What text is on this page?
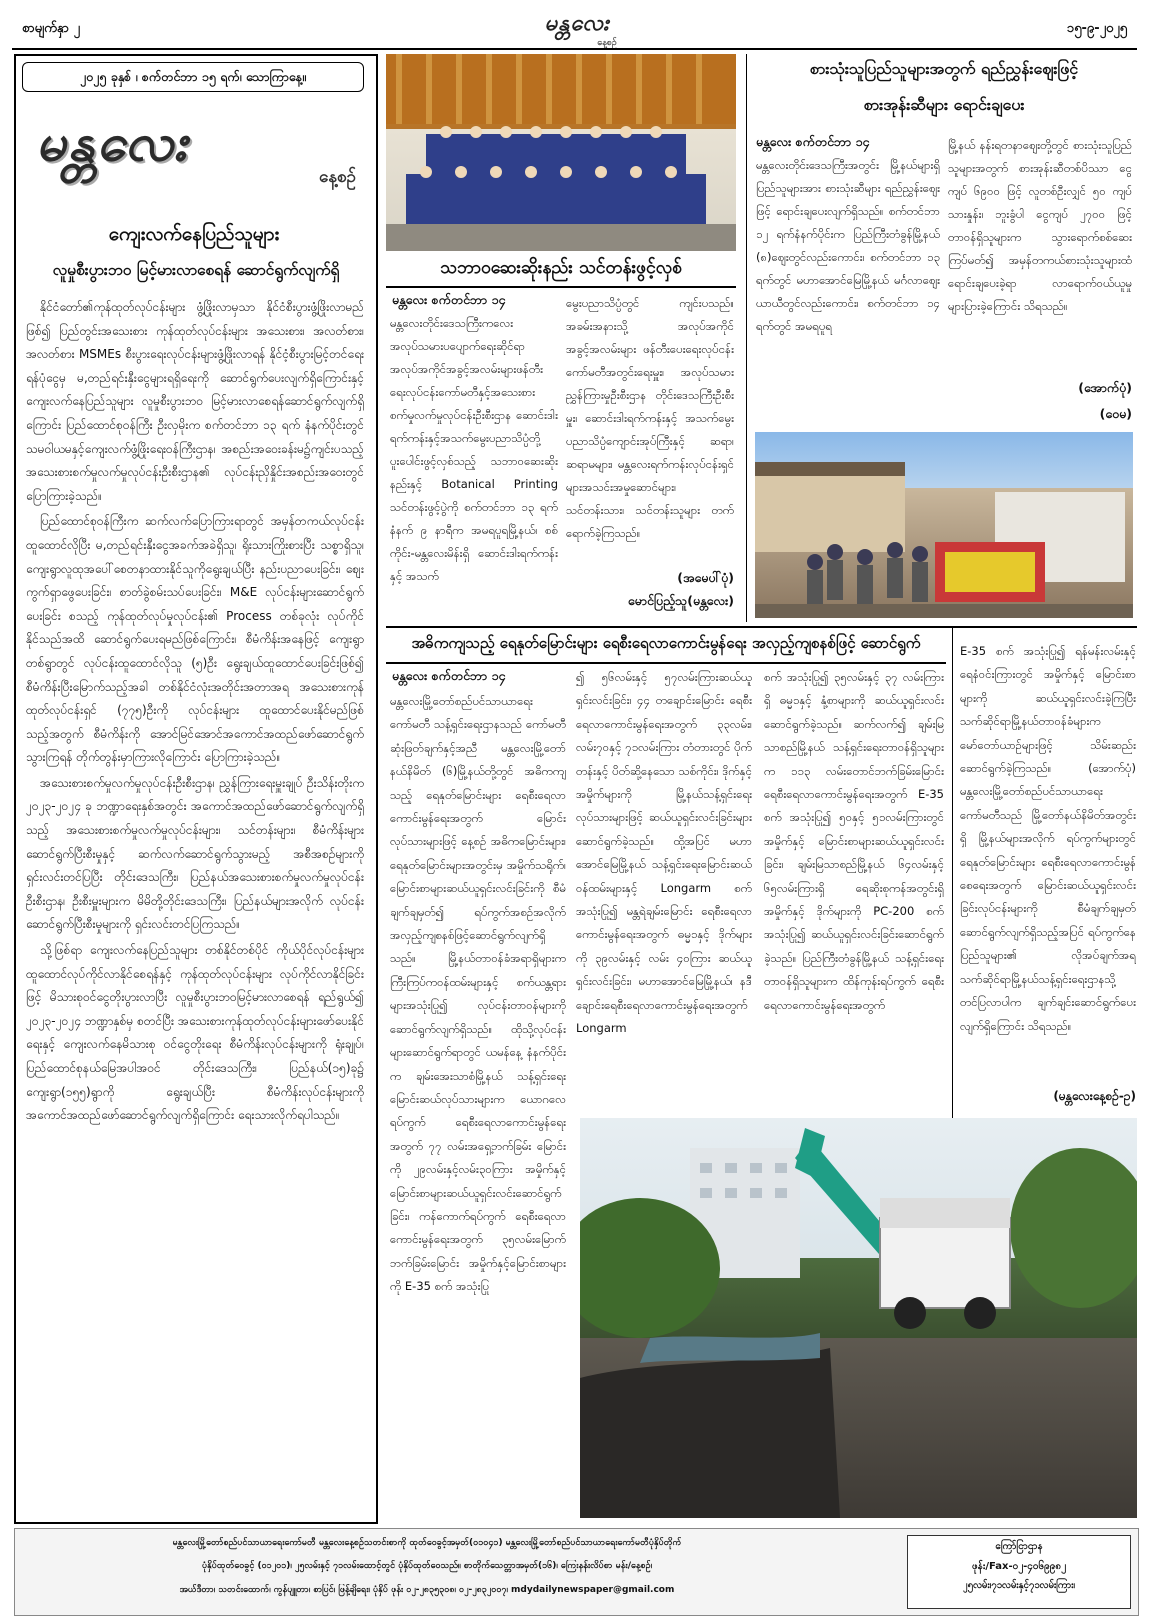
စာမျက်နှာ ၂	မန္တလေး
နေ့စဉ်
၁၅-၉-၂၀၂၅
၂၀၂၅ ခုနှစ် ၊ စက်တင်ဘာ ၁၅ ရက်၊ သောကြာနေ့။
မန္တလေး
နေ့စဉ်
ကျေးလက်နေပြည်သူများ
လူမှုစီးပွားဘ၀ မြင့်မားလာစေရန် ဆောင်ရွက်လျက်ရှိ

နိုင်ငံတော်၏ကုန်ထုတ်လုပ်ငန်းများ ဖွံ့ဖြိုးလာမှသာ နိုင်ငံစီးပွားဖွံ့ဖြိုးလာမည်ဖြစ်၍ ပြည်တွင်းအသေးစား ကုန်ထုတ်လုပ်ငန်းများ အသေးစား၊ အလတ်စား၊ အလတ်စား MSMEs စီးပွားရေးလုပ်ငန်းများဖွံ့ဖြိုးလာရန် နိုင်ငံ့စီးပွားမြင့်တင်ရေးရန်ပုံငွေမှ မ,တည်ရင်းနှီးငွေများရရှိရေးကို ဆောင်ရွက်ပေးလျက်ရှိကြောင်းနှင့်ကျေးလက်နေပြည်သူများ လူမှုစီးပွားဘ၀ မြင့်မားလာစေရန်ဆောင်ရွက်လျက်ရှိကြောင်း ပြည်ထောင်စုဝန်ကြီး ဦးလှမိုးက စက်တင်ဘာ ၁၃ ရက် နံနက်ပိုင်းတွင် သမဝါယမနှင့်ကျေးလက်ဖွံ့ဖြိုးရေးဝန်ကြီးဌာန၊ အစည်းအဝေးခန်းမ၌ကျင်းပသည့် အသေးစားစက်မှုလက်မှုလုပ်ငန်းဦးစီးဌာန၏ လုပ်ငန်းညှိနှိုင်းအစည်းအဝေးတွင် ပြောကြားခဲ့သည်။

ပြည်ထောင်စုဝန်ကြီးက ဆက်လက်ပြောကြားရာတွင် အမှန်တကယ်လုပ်ငန်းထူထောင်လိုပြီး မ,တည်ရင်းနှီးငွေအခက်အခဲရှိသူ၊ ရိုးသားကြိုးစားပြီး သစ္စာရှိသူ၊ ကျေးရွာလူထုအပေါ်စေတနာထားနိုင်သူကိုရွေးချယ်ပြီး နည်းပညာပေးခြင်း၊ စျေးကွက်ရှာဖွေပေးခြင်း၊ စာတ်ခွဲစမ်းသပ်ပေးခြင်း၊ M&E လုပ်ငန်းများဆောင်ရွက်ပေးခြင်း စသည့် ကုန်ထုတ်လုပ်မှုလုပ်ငန်း၏ Process တစ်ခုလုံး လုပ်ကိုင်နိုင်သည်အထိ ဆောင်ရွက်ပေးရမည်ဖြစ်ကြောင်း၊ စီမံကိန်းအနေဖြင့် ကျေးရွာတစ်ရွာတွင် လုပ်ငန်းထူထောင်လိုသူ (၅)ဦး ရွေးချယ်ထူထောင်ပေးခြင်းဖြစ်၍ စီမံကိန်းပြီးမြောက်သည့်အခါ တစ်နိုင်ငံလုံးအတိုင်းအတာအရ အသေးစားကုန်ထုတ်လုပ်ငန်းရှင် (၇၇၅)ဦးကို လုပ်ငန်းများ ထူထောင်ပေးနိုင်မည်ဖြစ်သည့်အတွက် စီမံကိန်းကို အောင်မြင်အောင်အကောင်အထည်ဖော်ဆောင်ရွက်သွားကြရန် တိုက်တွန်းမှာကြားလိုကြောင်း ပြောကြားခဲ့သည်။

အသေးစားစက်မှုလက်မှုလုပ်ငန်းဦးစီးဌာန၊ ညွှန်ကြားရေးမှူးချုပ် ဦးသိန်းတိုးက ၂၀၂၃-၂၀၂၄ ခု ဘဏ္ဍာရေးနှစ်အတွင်း အကောင်အထည်ဖော်ဆောင်ရွက်လျက်ရှိသည့် အသေးစားစက်မှုလက်မှုလုပ်ငန်းများ၊ သင်တန်းများ၊ စီမံကိန်းများဆောင်ရွက်ပြီးစီးမှုနှင့် ဆက်လက်ဆောင်ရွက်သွားမည့် အစီအစဉ်များကို ရှင်းလင်းတင်ပြပြီး တိုင်းဒေသကြီး၊ ပြည်နယ်အသေးစားစက်မှုလက်မှုလုပ်ငန်းဦးစီးဌာန၊ ဦးစီးမှူးများက မိမိတို့တိုင်းဒေသကြီး၊ ပြည်နယ်များအလိုက် လုပ်ငန်းဆောင်ရွက်ပြီးစီးမှုများကို ရှင်းလင်းတင်ပြကြသည်။

သို့ဖြစ်ရာ ကျေးလက်နေပြည်သူများ တစ်နိုင်တစ်ပိုင် ကိုယ်ပိုင်လုပ်ငန်းများ ထူထောင်လုပ်ကိုင်လာနိုင်စေရန်နှင့် ကုန်ထုတ်လုပ်ငန်းများ လုပ်ကိုင်လာနိုင်ခြင်းဖြင့် မိသားစုဝင်ငွေတိုးပွားလာပြီး လူမှုစီးပွားဘ၀မြင့်မားလာစေရန် ရည်ရွယ်၍ ၂၀၂၃-၂၀၂၄ ဘဏ္ဍာနှစ်မှ စတင်ပြီး အသေးစားကုန်ထုတ်လုပ်ငန်းများဖော်ပေးနိုင်ရေးနှင့် ကျေးလက်နေမိသားစု ဝင်ငွေတိုးရေး စီမံကိန်းလုပ်ငန်းများကို ရုံးချုပ်၊ ပြည်ထောင်စုနယ်မြေအပါအဝင် တိုင်းဒေသကြီး၊ ပြည်နယ်(၁၅)ခု၌ ကျေးရွာ(၁၅၅)ရွာကို ရွေးချယ်ပြီး စီမံကိန်းလုပ်ငန်းများကို အကောင်အထည်ဖော်ဆောင်ရွက်လျက်ရှိကြောင်း ရေးသားလိုက်ရပါသည်။

သဘာ၀ဆေးဆိုးနည်း သင်တန်းဖွင့်လှစ်
မန္တလေး စက်တင်ဘာ ၁၄
မန္တလေးတိုင်းဒေသကြီးကလေးအလုပ်သမားပပျောက်ရေးဆိုင်ရာ အလုပ်အကိုင်အခွင့်အလမ်းများဖန်တီးရေးလုပ်ငန်းကော်မတီနှင့်အသေးစားစက်မှုလက်မှုလုပ်ငန်းဦးစီးဌာန ဆောင်းဒါးရက်ကန်းနှင့်အသက်မွေးပညာသိပ္ပံတို့ပူးပေါင်းဖွင့်လှစ်သည့် သဘာ၀ဆေးဆိုးနည်းနှင့် Botanical Printing သင်တန်းဖွင့်ပွဲကို စက်တင်ဘာ ၁၃ ရက် နံနက် ၉ နာရီက အမရပူရမြို့နယ်၊ စစ်ကိုင်း-မန္တလေးမိန်းရှိ ဆောင်းဒါးရက်ကန်းနှင့် အသက်
မွေးပညာသိပ္ပံတွင် ကျင်းပသည်။ အခမ်းအနားသို့ အလုပ်အကိုင်အခွင့်အလမ်းများ ဖန်တီးပေးရေးလုပ်ငန်းကော်မတီအတွင်းရေးမှူး၊ အလုပ်သမားညွှန်ကြားမှုဦးစီးဌာန တိုင်းဒေသကြီးဦးစီးမှူး၊ ဆောင်းဒါးရက်ကန်းနှင့် အသက်မွေးပညာသိပ္ပံကျောင်းအုပ်ကြီးနှင့် ဆရာ၊ ဆရာမများ၊ မန္တလေးရက်ကန်းလုပ်ငန်းရှင်များအသင်းအမှုဆောင်များ၊ သင်တန်းသား၊ သင်တန်းသူများ တက်ရောက်ခဲ့ကြသည်။
(အမေပါ်ပုံ)
မောင်ပြည့်သူ(မန္တလေး)
စားသုံးသူပြည်သူများအတွက် ရည်ညွှန်းဈေးဖြင့်
စားအုန်းဆီများ ရောင်းချပေး
မန္တလေး စက်တင်ဘာ ၁၄
မန္တလေးတိုင်းဒေသကြီးအတွင်း မြို့နယ်များရှိ ပြည်သူများအား စားသုံးဆီများ ရည်ညွှန်းဈေးဖြင့် ရောင်းချပေးလျက်ရှိသည်။ စက်တင်ဘာ ၁၂ ရက်နံနက်ပိုင်းက ပြည်ကြီးတံခွန်မြို့နယ် (၈)ဈေးတွင်လည်းကောင်း၊ စက်တင်ဘာ ၁၃ ရက်တွင် မဟာအောင်မြေမြို့နယ် မင်္ဂလာဈေးယာယီတွင်လည်းကောင်း၊ စက်တင်ဘာ ၁၄ ရက်တွင် အမရပူရ
မြို့နယ် နန်းရတနာဈေးတို့တွင် စားသုံးသူပြည်သူများအတွက် စားအုန်းဆီတစ်ပိဿာ ငွေကျပ် ၆၉၀၀ ဖြင့် လူတစ်ဦးလျှင် ၅၀ ကျပ်သားနှုန်း၊ ဘူးခွံပါ ငွေကျပ် ၂၇၀၀ ဖြင့် တာဝန်ရှိသူများက သွားရောက်စစ်ဆေးကြပ်မတ်၍ အမှန်တကယ်စားသုံးသူများထံ ရောင်းချပေးခဲ့ရာ လာရောက်ဝယ်ယူမှုများပြားခဲ့ကြောင်း သိရသည်။
(အောက်ပုံ)
(ဝေမ)
အဓိကကျသည့် ရေနုတ်မြောင်းများ ရေစီးရေလာကောင်းမွန်ရေး အလှည့်ကျစနစ်ဖြင့် ဆောင်ရွက်
မန္တလေး စက်တင်ဘာ ၁၄
မန္တလေးမြို့တော်စည်ပင်သာယာရေးကော်မတီ သန့်ရှင်းရေးဌာနသည် ကော်မတီဆုံးဖြတ်ချက်နှင့်အညီ မန္တလေးမြို့တော်နယ်နိမိတ် (၆)မြို့နယ်တို့တွင် အဓိကကျသည့် ရေနုတ်မြောင်းများ ရေစီးရေလာကောင်းမွန်ရေးအတွက် မြောင်းလုပ်သားများဖြင့် နေ့စဉ် အဓိကမြောင်းများ၊ ရေနုတ်မြောင်းများအတွင်းမှ အမှိုက်သရိုက်၊ မြောင်းစာများဆယ်ယူရှင်းလင်းခြင်းကို စီမံချက်ချမှတ်၍ ရပ်ကွက်အစဉ်အလိုက်အလှည့်ကျစနစ်ဖြင့်ဆောင်ရွက်လျက်ရှိသည်။ မြို့နယ်တာဝန်ခံအရာရှိများက ကြီးကြပ်ကဝန်ထမ်းများနှင့် စက်ယန္တရားများအသုံးပြု၍ လုပ်ငန်းတာဝန်များကို ဆောင်ရွက်လျက်ရှိသည်။ ထိုသို့လုပ်ငန်းများဆောင်ရွက်ရာတွင် ယမန်နေ့ နံနက်ပိုင်းက ချမ်းအေးသာစံမြို့နယ် သန့်ရှင်းရေးမြောင်းဆယ်လုပ်သားများက ယောဂလေရပ်ကွက် ရေစီးရေလာကောင်းမွန်ရေးအတွက် ၇၇ လမ်းအရှေ့ဘက်ခြမ်း မြောင်းကို ၂၉လမ်းနှင့်လမ်း၃၀ကြား အမှိုက်နှင့် မြောင်းစာများဆယ်ယူရှင်းလင်းဆောင်ရွက်ခြင်း၊ ကန်ကောက်ရပ်ကွက် ရေစီးရေလာကောင်းမွန်ရေးအတွက် ၃၅လမ်းမြောက်ဘက်ခြမ်းမြောင်း အမှိုက်နှင့်မြောင်းစာများကို E-35 စက် အသုံးပြု
၍ ၅၆လမ်းနှင့် ၅၇လမ်းကြားဆယ်ယူရှင်းလင်းခြင်း၊ ၄၄ တချောင်းမြောင်း ရေစီးရေလာကောင်းမွန်ရေးအတွက် ၃၃လမ်း၊ လမ်း၇၀နှင့် ၇၁လမ်းကြား တံတားတွင် ပိုက်တန်းနှင့် ပိတ်ဆို့နေသော သစ်ကိုင်း၊ ဒိုက်နှင့် အမှိုက်များကို မြို့နယ်သန့်ရှင်းရေးလုပ်သားများဖြင့် ဆယ်ယူရှင်းလင်းခြင်းများဆောင်ရွက်ခဲ့သည်။ ထို့အပြင် မဟာအောင်မြေမြို့နယ် သန့်ရှင်းရေးမြောင်းဆယ်ဝန်ထမ်းများနှင့် Longarm စက်အသုံးပြု၍ မန္တရဲချမ်းမြောင်း ရေစီးရေလာကောင်းမွန်ရေးအတွက် ဓမ္မ၁နှင့် ဒိုက်များကို ၃၉လမ်းနှင့် လမ်း ၄၀ကြား ဆယ်ယူရှင်းလင်းခြင်း၊ မဟာအောင်မြေမြို့နယ်၊ နဒီချောင်းရေစီးရေလာကောင်းမွန်ရေးအတွက် Longarm
စက် အသုံးပြု၍ ၃၅လမ်းနှင့် ၃၇ လမ်းကြားရှိ ဓမ္မ၁နှင့် နုံ့စာများကို ဆယ်ယူရှင်းလင်းဆောင်ရွက်ခဲ့သည်။ ဆက်လက်၍ ချမ်းမြသာစည်မြို့နယ် သန့်ရှင်းရေးတာဝန်ရှိသူများက ၁၁၃ လမ်းတောင်ဘက်ခြမ်းမြောင်း ရေစီးရေလာကောင်းမွန်ရေးအတွက် E-35 စက် အသုံးပြု၍ ၅၀နှင့် ၅၁လမ်းကြားတွင် အမှိုက်နှင့် မြောင်းစာများဆယ်ယူရှင်းလင်းခြင်း၊ ချမ်းမြသာစည်မြို့နယ် ၆၄လမ်းနှင့် ၆၅လမ်းကြားရှိ ရေဆိုးစုကန်အတွင်းရှိ အမှိုက်နှင့် ဒိုက်များကို PC-200 စက်အသုံးပြု၍ ဆယ်ယူရှင်းလင်းခြင်းဆောင်ရွက်ခဲ့သည်။ ပြည်ကြီးတံခွန်မြို့နယ် သန့်ရှင်းရေးတာဝန်ရှိသူများက ထိန်ကုန်းရပ်ကွက် ရေစီးရေလာကောင်းမွန်ရေးအတွက်
E-35 စက် အသုံးပြု၍ ရန်မန်းလမ်းနှင့် ရေနံဝင်းကြားတွင် အမှိုက်နှင့် မြောင်းစာများကို ဆယ်ယူရှင်းလင်းခဲ့ကြပြီး သက်ဆိုင်ရာမြို့နယ်တာဝန်ခံများက မော်တော်ယာဉ်များဖြင့် သိမ်းဆည်းဆောင်ရွက်ခဲ့ကြသည်။ (အောက်ပုံ) မန္တလေးမြို့တော်စည်ပင်သာယာရေးကော်မတီသည် မြို့တော်နယ်နိမိတ်အတွင်းရှိ မြို့နယ်များအလိုက် ရပ်ကွက်များတွင် ရေနုတ်မြောင်းများ ရေစီးရေလာကောင်းမွန်စေရေးအတွက် မြောင်းဆယ်ယူရှင်းလင်းခြင်းလုပ်ငန်းများကို စီမံချက်ချမှတ်ဆောင်ရွက်လျက်ရှိသည့်အပြင် ရပ်ကွက်နေပြည်သူများ၏ လိုအပ်ချက်အရ သက်ဆိုင်ရာမြို့နယ်သန့်ရှင်းရေးဌာနသို့ တင်ပြလာပါက ချက်ချင်းဆောင်ရွက်ပေးလျက်ရှိကြောင်း သိရသည်။
(မန္တလေးနေ့စဉ်-ဥ)
မန္တလေးမြို့တော်စည်ပင်သာယာရေးကော်မတီ မန္တလေးနေ့စဉ်သတင်းစာကို ထုတ်ဝေခွင့်အမှတ်(၀၁၀၄၁) မန္တလေးမြို့တော်စည်ပင်သာယာရေးကော်မတီပုံနှိပ်တိုက်
ပုံနှိပ်ထုတ်ဝေခွင့် (၀၁၂၀၁)၊ ၂၅လမ်းနှင့် ၇၁လမ်းထောင့်တွင် ပုံနှိပ်ထုတ်ဝေသည်။ စာတိုက်သေတ္တာအမှတ်(၁၆)၊ ကြေးနန်းလိပ်စာ မန်း/နေ့စဉ်၊
အယ်ဒီတာ၊ သတင်းထောက်၊ ကွန်ပျူတာ၊ စာပြင်၊ ဖြန့်ချိရေး၊ ပုံနှိပ် ဖုန်း ၀၂-၂၈၃၅၃၀၈၊ ၀၂-၂၈၃၂၀၀၇၊ mdydailynewspaper@gmail.com
ကြော်ငြာဌာန
ဖုန်း/Fax-၀၂-၄၀၆၉၉၈၂
၂၅လမ်း၊၇၁လမ်းနှင့်၇၁လမ်းကြား၊
